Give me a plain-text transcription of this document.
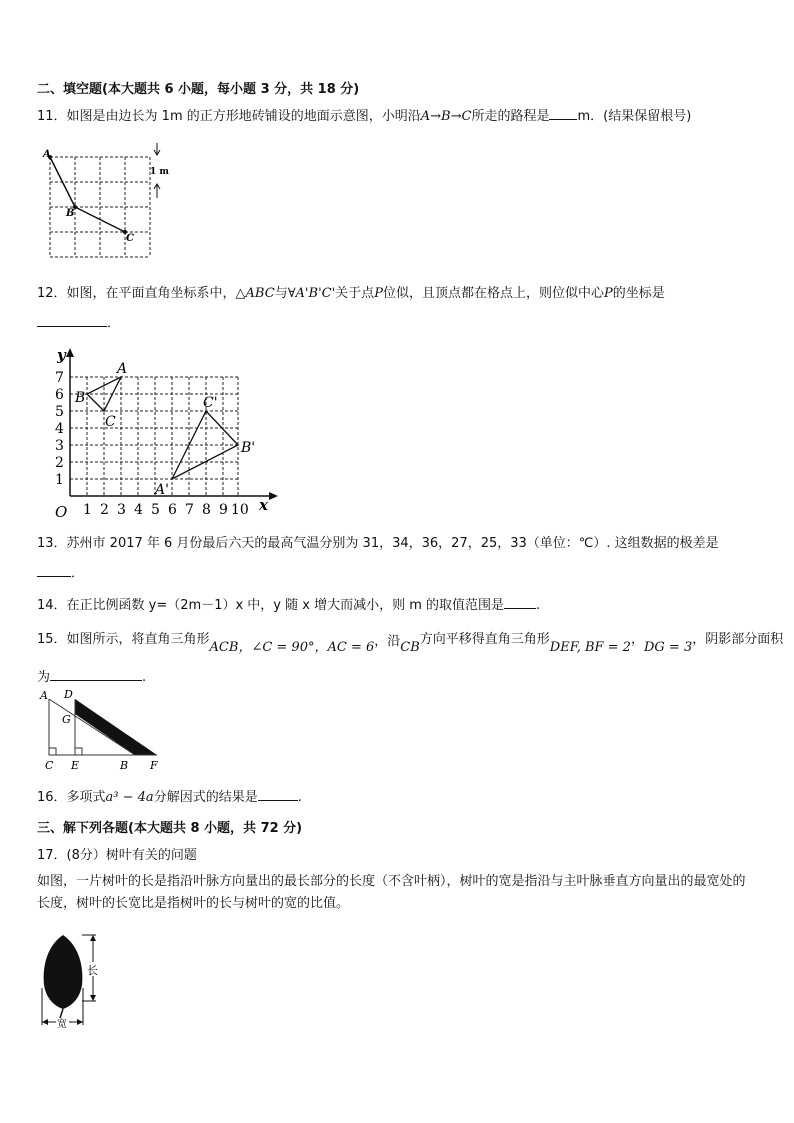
二、填空题(本大题共 6 小题，每小题 3 分，共 18 分)
11．如图是由边长为 1m 的正方形地砖铺设的地面示意图，小明沿A→B→C所走的路程是 m．(结果保留根号)
A
B
C
1 m
12．如图，在平面直角坐标系中，△ABC与∀A'B'C'关于点P位似，且顶点都在格点上，则位似中心P的坐标是
．
y
x
O 1 2 3 4 5 6 7 8 9 10
1
2
3
4
5
6
7
A
B
C
A'
B'
C'
13．苏州市 2017 年 6 月份最后六天的最高气温分别为 31，34，36，27，25，33（单位：℃）. 这组数据的极差是
．
14．在正比例函数 y=（2m－1）x 中，y 随 x 增大而减小，则 m 的取值范围是 .
15．如图所示，将直角三角形ACB，∠C = 90°，AC = 6，沿CB方向平移得直角三角形DEF, BF = 2，DG = 3，阴影部分面积
为	.
A D
G
C E	B F
16．多项式a³ − 4a分解因式的结果是	.
三、解下列各题(本大题共 8 小题，共 72 分)
17．(8分）树叶有关的问题
如图，一片树叶的长是指沿叶脉方向量出的最长部分的长度（不含叶柄），树叶的宽是指沿与主叶脉垂直方向量出的最宽处的长度，树叶的长宽比是指树叶的长与树叶的宽的比值。
长
宽
